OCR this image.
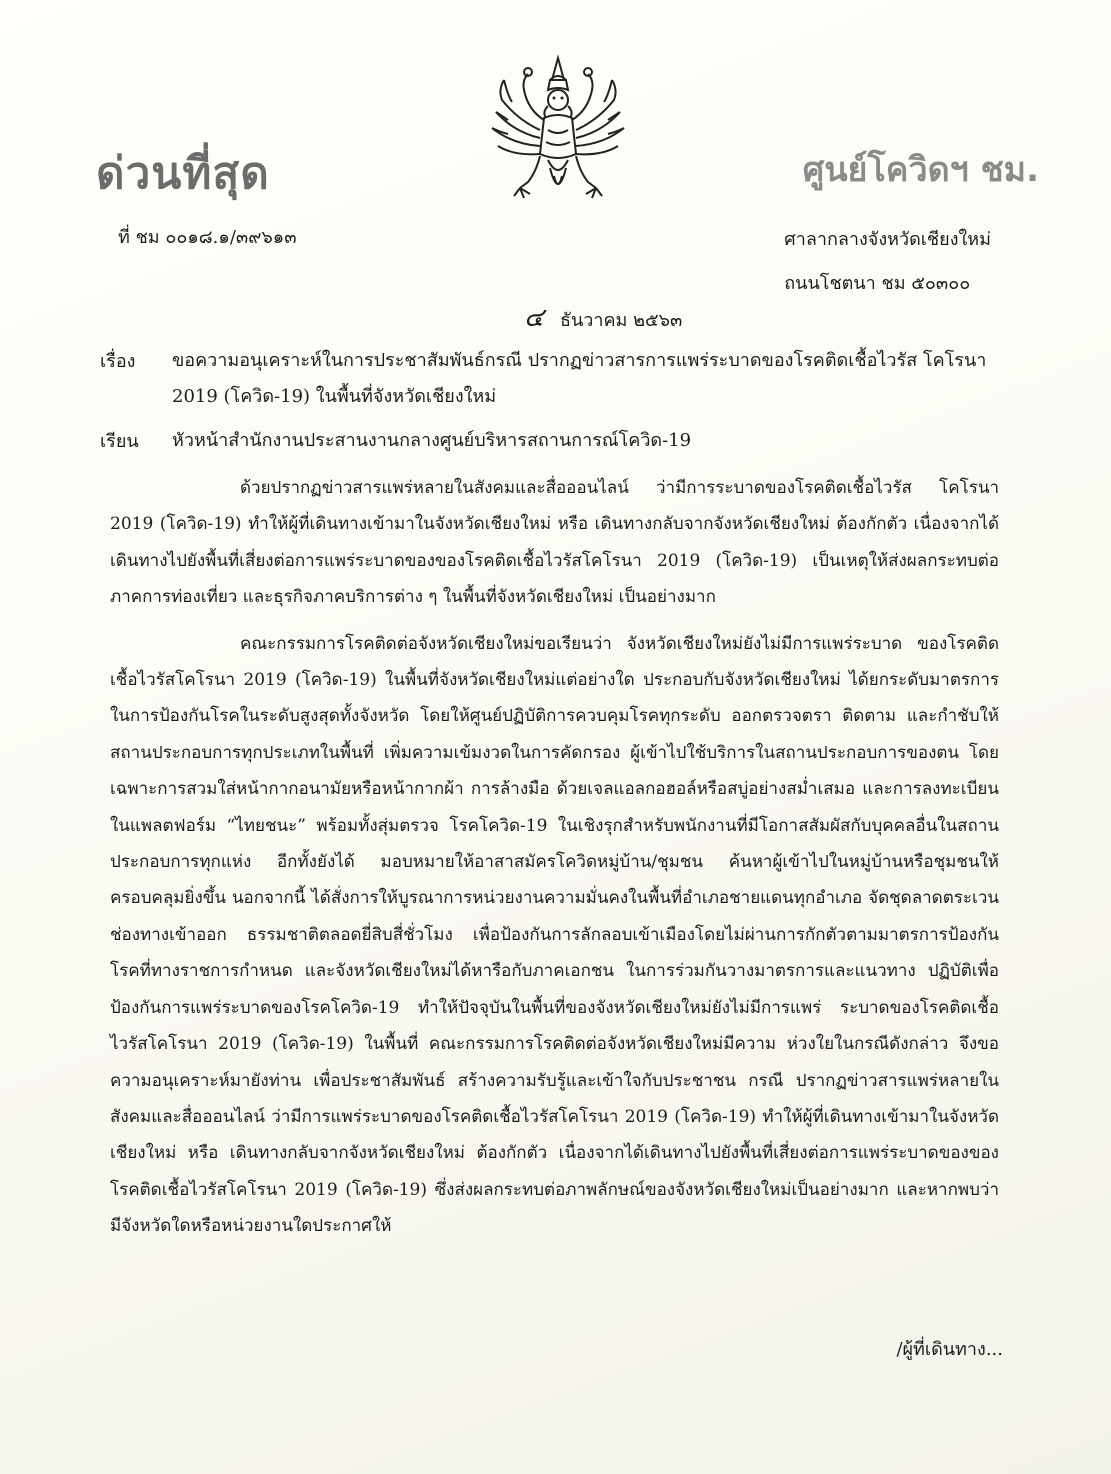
ด่วนที่สุด	ศูนย์โควิดฯ ชม.
ที่ ชม ๐๐๑๘.๑/๓๙๖๑๓	ศาลากลางจังหวัดเชียงใหม่
ถนนโชตนา ชม ๕๐๓๐๐
๔ ธันวาคม ๒๕๖๓
เรื่อง ขอความอนุเคราะห์ในการประชาสัมพันธ์กรณี ปรากฏข่าวสารการแพร่ระบาดของโรคติดเชื้อไวรัส โคโรนา 2019 (โควิด-19) ในพื้นที่จังหวัดเชียงใหม่
เรียน หัวหน้าสำนักงานประสานงานกลางศูนย์บริหารสถานการณ์โควิด-19

ด้วยปรากฏข่าวสารแพร่หลายในสังคมและสื่อออนไลน์ ว่ามีการระบาดของโรคติดเชื้อไวรัส โคโรนา 2019 (โควิด-19) ทำให้ผู้ที่เดินทางเข้ามาในจังหวัดเชียงใหม่ หรือ เดินทางกลับจากจังหวัดเชียงใหม่ ต้องกักตัว เนื่องจากได้เดินทางไปยังพื้นที่เสี่ยงต่อการแพร่ระบาดของของโรคติดเชื้อไวรัสโคโรนา 2019 (โควิด-19) เป็นเหตุให้ส่งผลกระทบต่อภาคการท่องเที่ยว และธุรกิจภาคบริการต่าง ๆ ในพื้นที่จังหวัดเชียงใหม่ เป็นอย่างมาก

คณะกรรมการโรคติดต่อจังหวัดเชียงใหม่ขอเรียนว่า จังหวัดเชียงใหม่ยังไม่มีการแพร่ระบาด ของโรคติดเชื้อไวรัสโคโรนา 2019 (โควิด-19) ในพื้นที่จังหวัดเชียงใหม่แต่อย่างใด ประกอบกับจังหวัดเชียงใหม่ ได้ยกระดับมาตรการในการป้องกันโรคในระดับสูงสุดทั้งจังหวัด โดยให้ศูนย์ปฏิบัติการควบคุมโรคทุกระดับ ออกตรวจตรา ติดตาม และกำชับให้สถานประกอบการทุกประเภทในพื้นที่ เพิ่มความเข้มงวดในการคัดกรอง ผู้เข้าไปใช้บริการในสถานประกอบการของตน โดยเฉพาะการสวมใส่หน้ากากอนามัยหรือหน้ากากผ้า การล้างมือ ด้วยเจลแอลกอฮอล์หรือสบู่อย่างสม่ำเสมอ และการลงทะเบียนในแพลตฟอร์ม “ไทยชนะ” พร้อมทั้งสุ่มตรวจ โรคโควิด-19 ในเชิงรุกสำหรับพนักงานที่มีโอกาสสัมผัสกับบุคคลอื่นในสถานประกอบการทุกแห่ง อีกทั้งยังได้ มอบหมายให้อาสาสมัครโควิดหมู่บ้าน/ชุมชน ค้นหาผู้เข้าไปในหมู่บ้านหรือชุมชนให้ครอบคลุมยิ่งขึ้น นอกจากนี้ ได้สั่งการให้บูรณาการหน่วยงานความมั่นคงในพื้นที่อำเภอชายแดนทุกอำเภอ จัดชุดลาดตระเวนช่องทางเข้าออก ธรรมชาติตลอดยี่สิบสี่ชั่วโมง เพื่อป้องกันการลักลอบเข้าเมืองโดยไม่ผ่านการกักตัวตามมาตรการป้องกัน โรคที่ทางราชการกำหนด และจังหวัดเชียงใหม่ได้หารือกับภาคเอกชน ในการร่วมกันวางมาตรการและแนวทาง ปฏิบัติเพื่อป้องกันการแพร่ระบาดของโรคโควิด-19 ทำให้ปัจจุบันในพื้นที่ของจังหวัดเชียงใหม่ยังไม่มีการแพร่ ระบาดของโรคติดเชื้อไวรัสโคโรนา 2019 (โควิด-19) ในพื้นที่ คณะกรรมการโรคติดต่อจังหวัดเชียงใหม่มีความ ห่วงใยในกรณีดังกล่าว จึงขอความอนุเคราะห์มายังท่าน เพื่อประชาสัมพันธ์ สร้างความรับรู้และเข้าใจกับประชาชน กรณี ปรากฏข่าวสารแพร่หลายในสังคมและสื่อออนไลน์ ว่ามีการแพร่ระบาดของโรคติดเชื้อไวรัสโคโรนา 2019 (โควิด-19) ทำให้ผู้ที่เดินทางเข้ามาในจังหวัดเชียงใหม่ หรือ เดินทางกลับจากจังหวัดเชียงใหม่ ต้องกักตัว เนื่องจากได้เดินทางไปยังพื้นที่เสี่ยงต่อการแพร่ระบาดของของโรคติดเชื้อไวรัสโคโรนา 2019 (โควิด-19) ซึ่งส่งผลกระทบต่อภาพลักษณ์ของจังหวัดเชียงใหม่เป็นอย่างมาก และหากพบว่า มีจังหวัดใดหรือหน่วยงานใดประกาศให้

/ผู้ที่เดินทาง...
